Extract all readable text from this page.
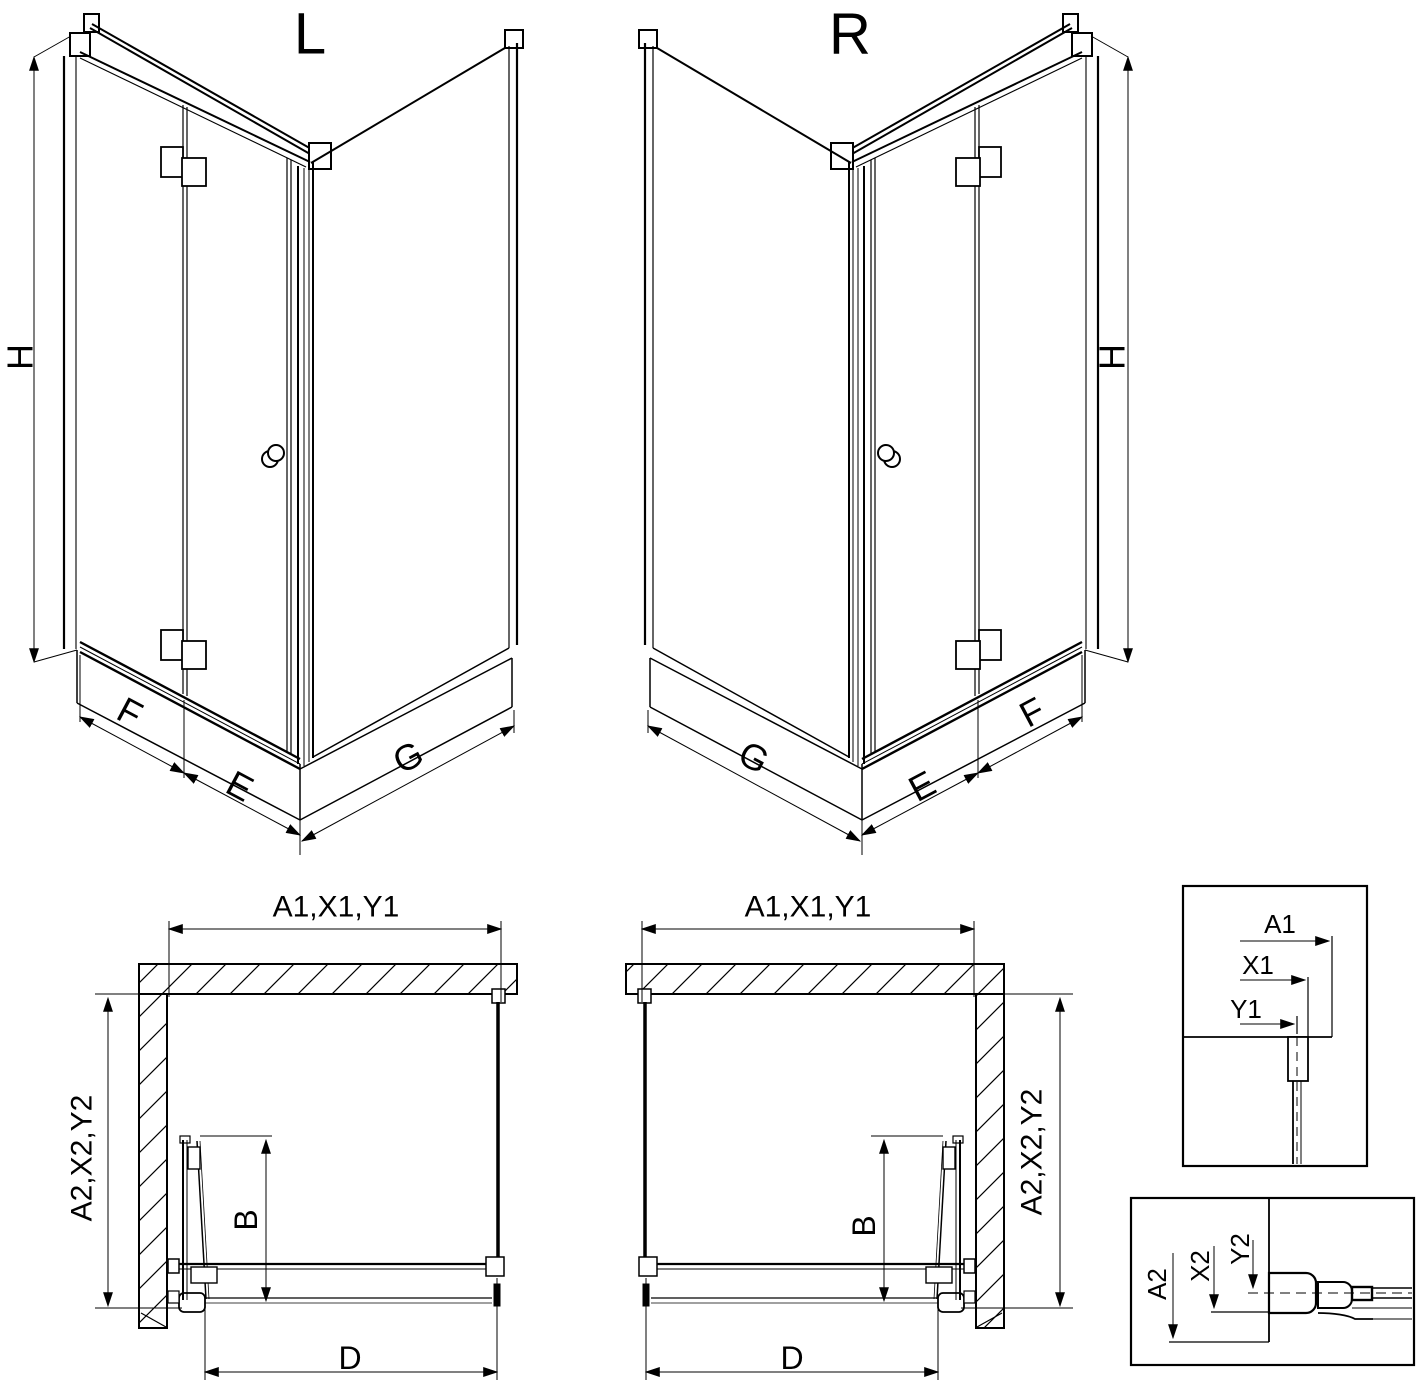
L
H
F
E
G
R
H
F
E
G
A1,X1,Y1
A2,X2,Y2	B
D
A1,X1,Y1
A2,X2,Y2
B
D
A1
X1
Y1
A2
X2
Y2
